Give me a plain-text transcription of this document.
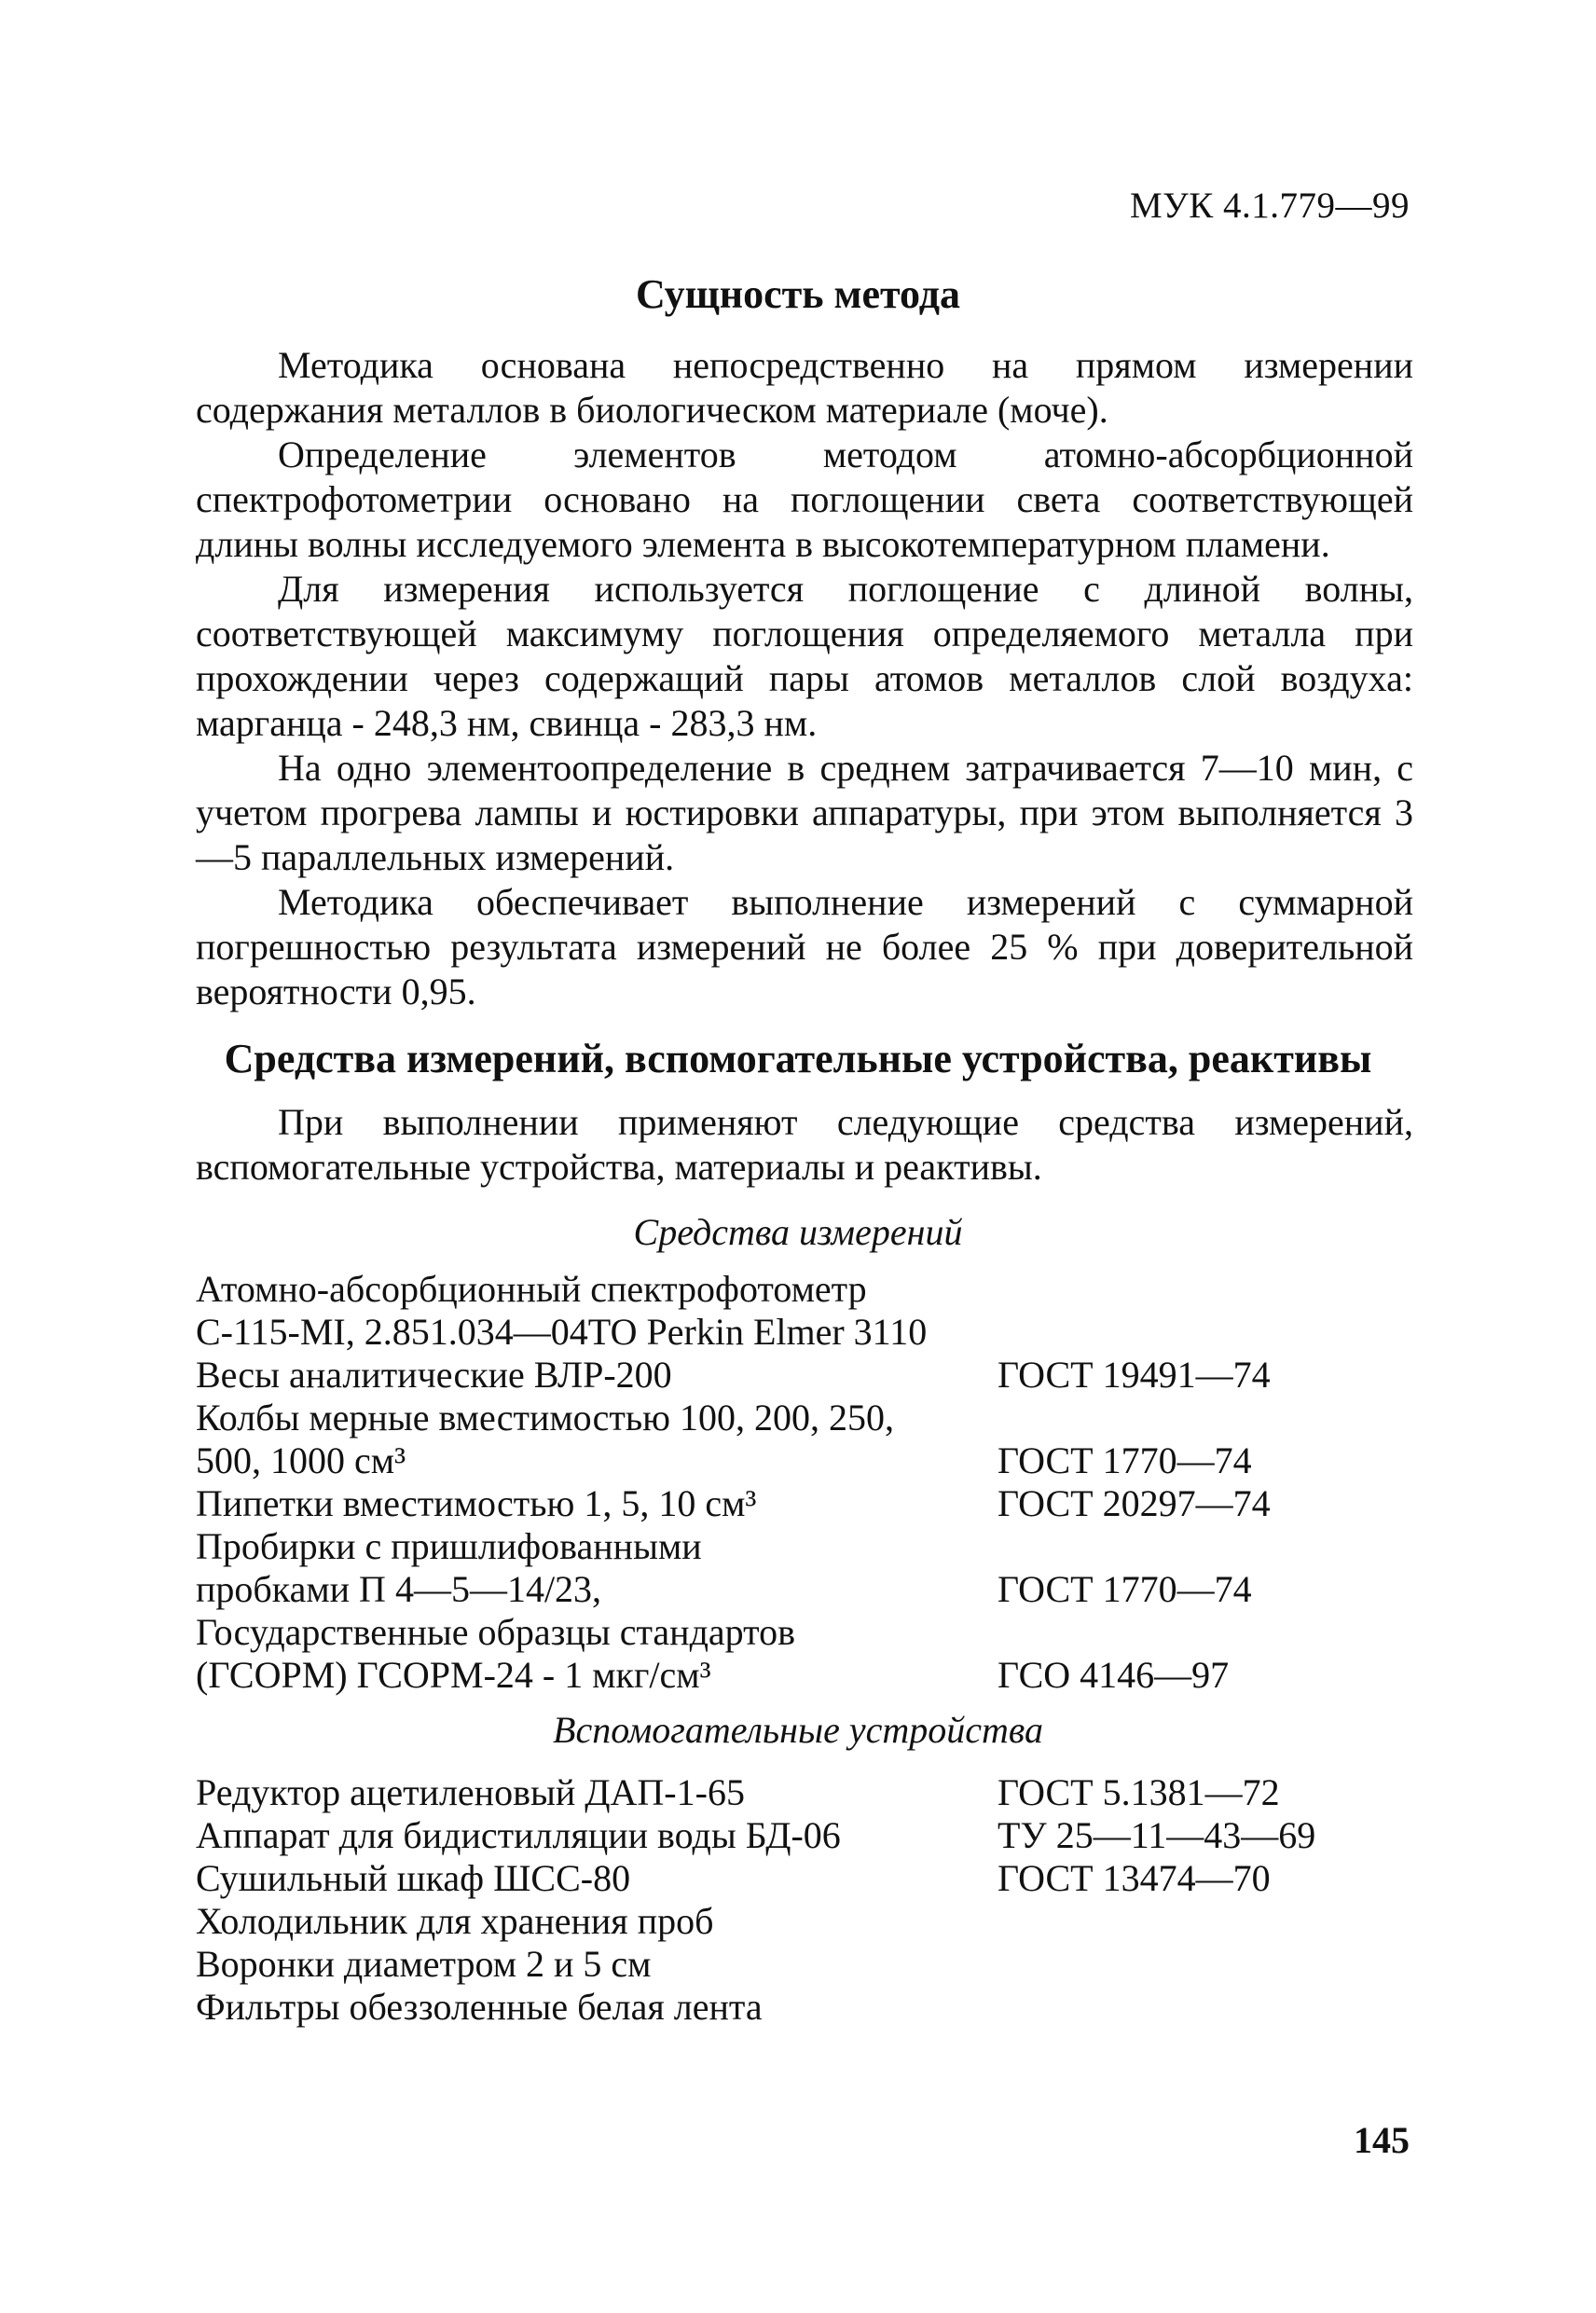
МУК 4.1.779—99
Сущность метода

Методика основана непосредственно на прямом измерении содержания металлов в биологическом материале (моче).

Определение элементов методом атомно-абсорбционной спектрофотометрии основано на поглощении света соответствующей длины волны исследуемого элемента в высокотемпературном пламени.

Для измерения используется поглощение с длиной волны, соответствующей максимуму поглощения определяемого металла при прохождении через содержащий пары атомов металлов слой воздуха: марганца - 248,3 нм, свинца - 283,3 нм.

На одно элементоопределение в среднем затрачивается 7—10 мин, с учетом прогрева лампы и юстировки аппаратуры, при этом выполняется 3—5 параллельных измерений.

Методика обеспечивает выполнение измерений с суммарной погрешностью результата измерений не более 25 % при доверительной вероятности 0,95.

Средства измерений, вспомогательные устройства, реактивы

При выполнении применяют следующие средства измерений, вспомогательные устройства, материалы и реактивы.

Средства измерений
Атомно-абсорбционный спектрофотометр
С-115-MI, 2.851.034—04ТО Perkin Elmer 3110
Весы аналитические ВЛР-200	ГОСТ 19491—74
Колбы мерные вместимостью 100, 200, 250,
500, 1000 см³	ГОСТ 1770—74
Пипетки вместимостью 1, 5, 10 см³	ГОСТ 20297—74
Пробирки с пришлифованными
пробками П 4—5—14/23,	ГОСТ 1770—74
Государственные образцы стандартов
(ГСОРМ) ГСОРМ-24 - 1 мкг/см³	ГСО 4146—97
Вспомогательные устройства
Редуктор ацетиленовый ДАП-1-65	ГОСТ 5.1381—72
Аппарат для бидистилляции воды БД-06	ТУ 25—11—43—69
Сушильный шкаф ШСС-80	ГОСТ 13474—70
Холодильник для хранения проб
Воронки диаметром 2 и 5 см
Фильтры обеззоленные белая лента
145
